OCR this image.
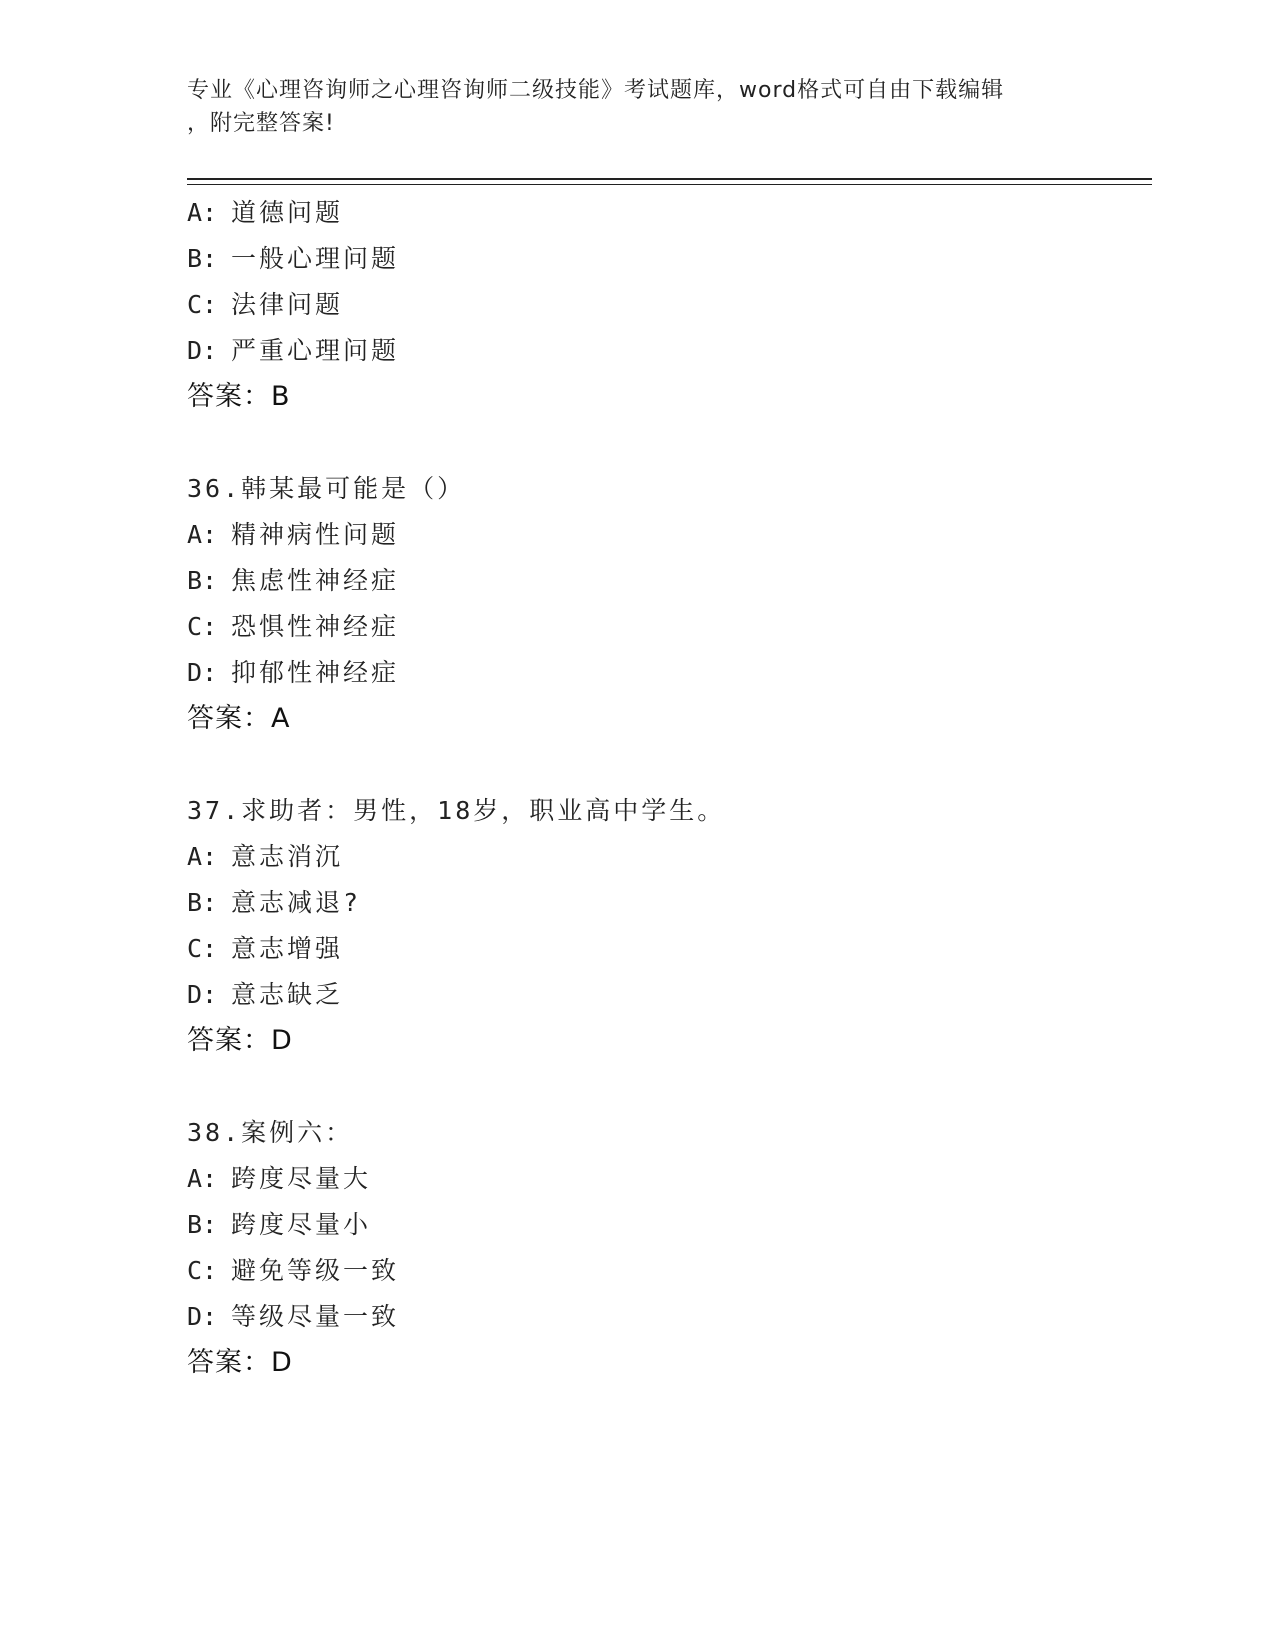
专业《心理咨询师之心理咨询师二级技能》考试题库，word格式可自由下载编辑
，附完整答案!
A: 道德问题
B: 一般心理问题
C: 法律问题
D: 严重心理问题
答案：B
36.韩某最可能是（）
A: 精神病性问题
B: 焦虑性神经症
C: 恐惧性神经症
D: 抑郁性神经症
答案：A
37.求助者：男性，18岁，职业高中学生。
A: 意志消沉
B: 意志减退?
C: 意志增强
D: 意志缺乏
答案：D
38.案例六：
A: 跨度尽量大
B: 跨度尽量小
C: 避免等级一致
D: 等级尽量一致
答案：D
